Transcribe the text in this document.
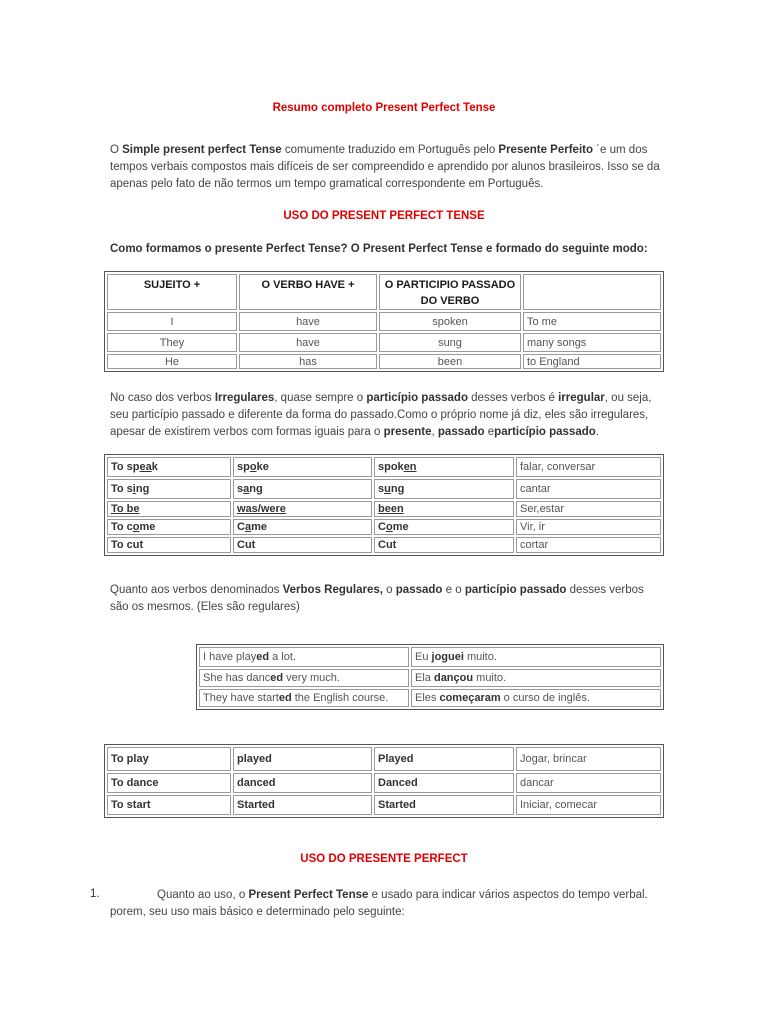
Resumo completo Present Perfect Tense
O Simple present perfect Tense comumente traduzido em Português pelo Presente Perfeito ´e um dos tempos verbais compostos mais difíceis de ser compreendido e aprendido por alunos brasileiros. Isso se da apenas pelo fato de não termos um tempo gramatical correspondente em Português.
USO DO PRESENT PERFECT TENSE
Como formamos o presente Perfect Tense? O Present Perfect Tense e formado do seguinte modo:
SUJEITO +	O VERBO HAVE +	O PARTICIPIO PASSADO DO VERBO	
I	have	spoken	To me
They	have	sung	many songs
He	has	been	to England
No caso dos verbos Irregulares, quase sempre o particípio passado desses verbos é irregular, ou seja, seu particípio passado e diferente da forma do passado.Como o próprio nome já diz, eles são irregulares, apesar de existirem verbos com formas iguais para o presente, passado eparticípio passado.
To speak	spoke	spoken	falar, conversar
To sing	sang	sung	cantar
To be	was/were	been	Ser,estar
To come	Came	Come	Vir, ir
To cut	Cut	Cut	cortar
Quanto aos verbos denominados Verbos Regulares, o passado e o particípio passado desses verbos são os mesmos. (Eles são regulares)
I have played a lot.	Eu joguei muito.
She has danced very much.	Ela dançou muito.
They have started the English course.	Eles começaram o curso de inglês.
To play	played	Played	Jogar, brincar
To dance	danced	Danced	dancar
To start	Started	Started	Iniciar, comecar
USO DO PRESENTE PERFECT
1.	Quanto ao uso, o Present Perfect Tense e usado para indicar vários aspectos do tempo verbal.
porem, seu uso mais básico e determinado pelo seguinte:
